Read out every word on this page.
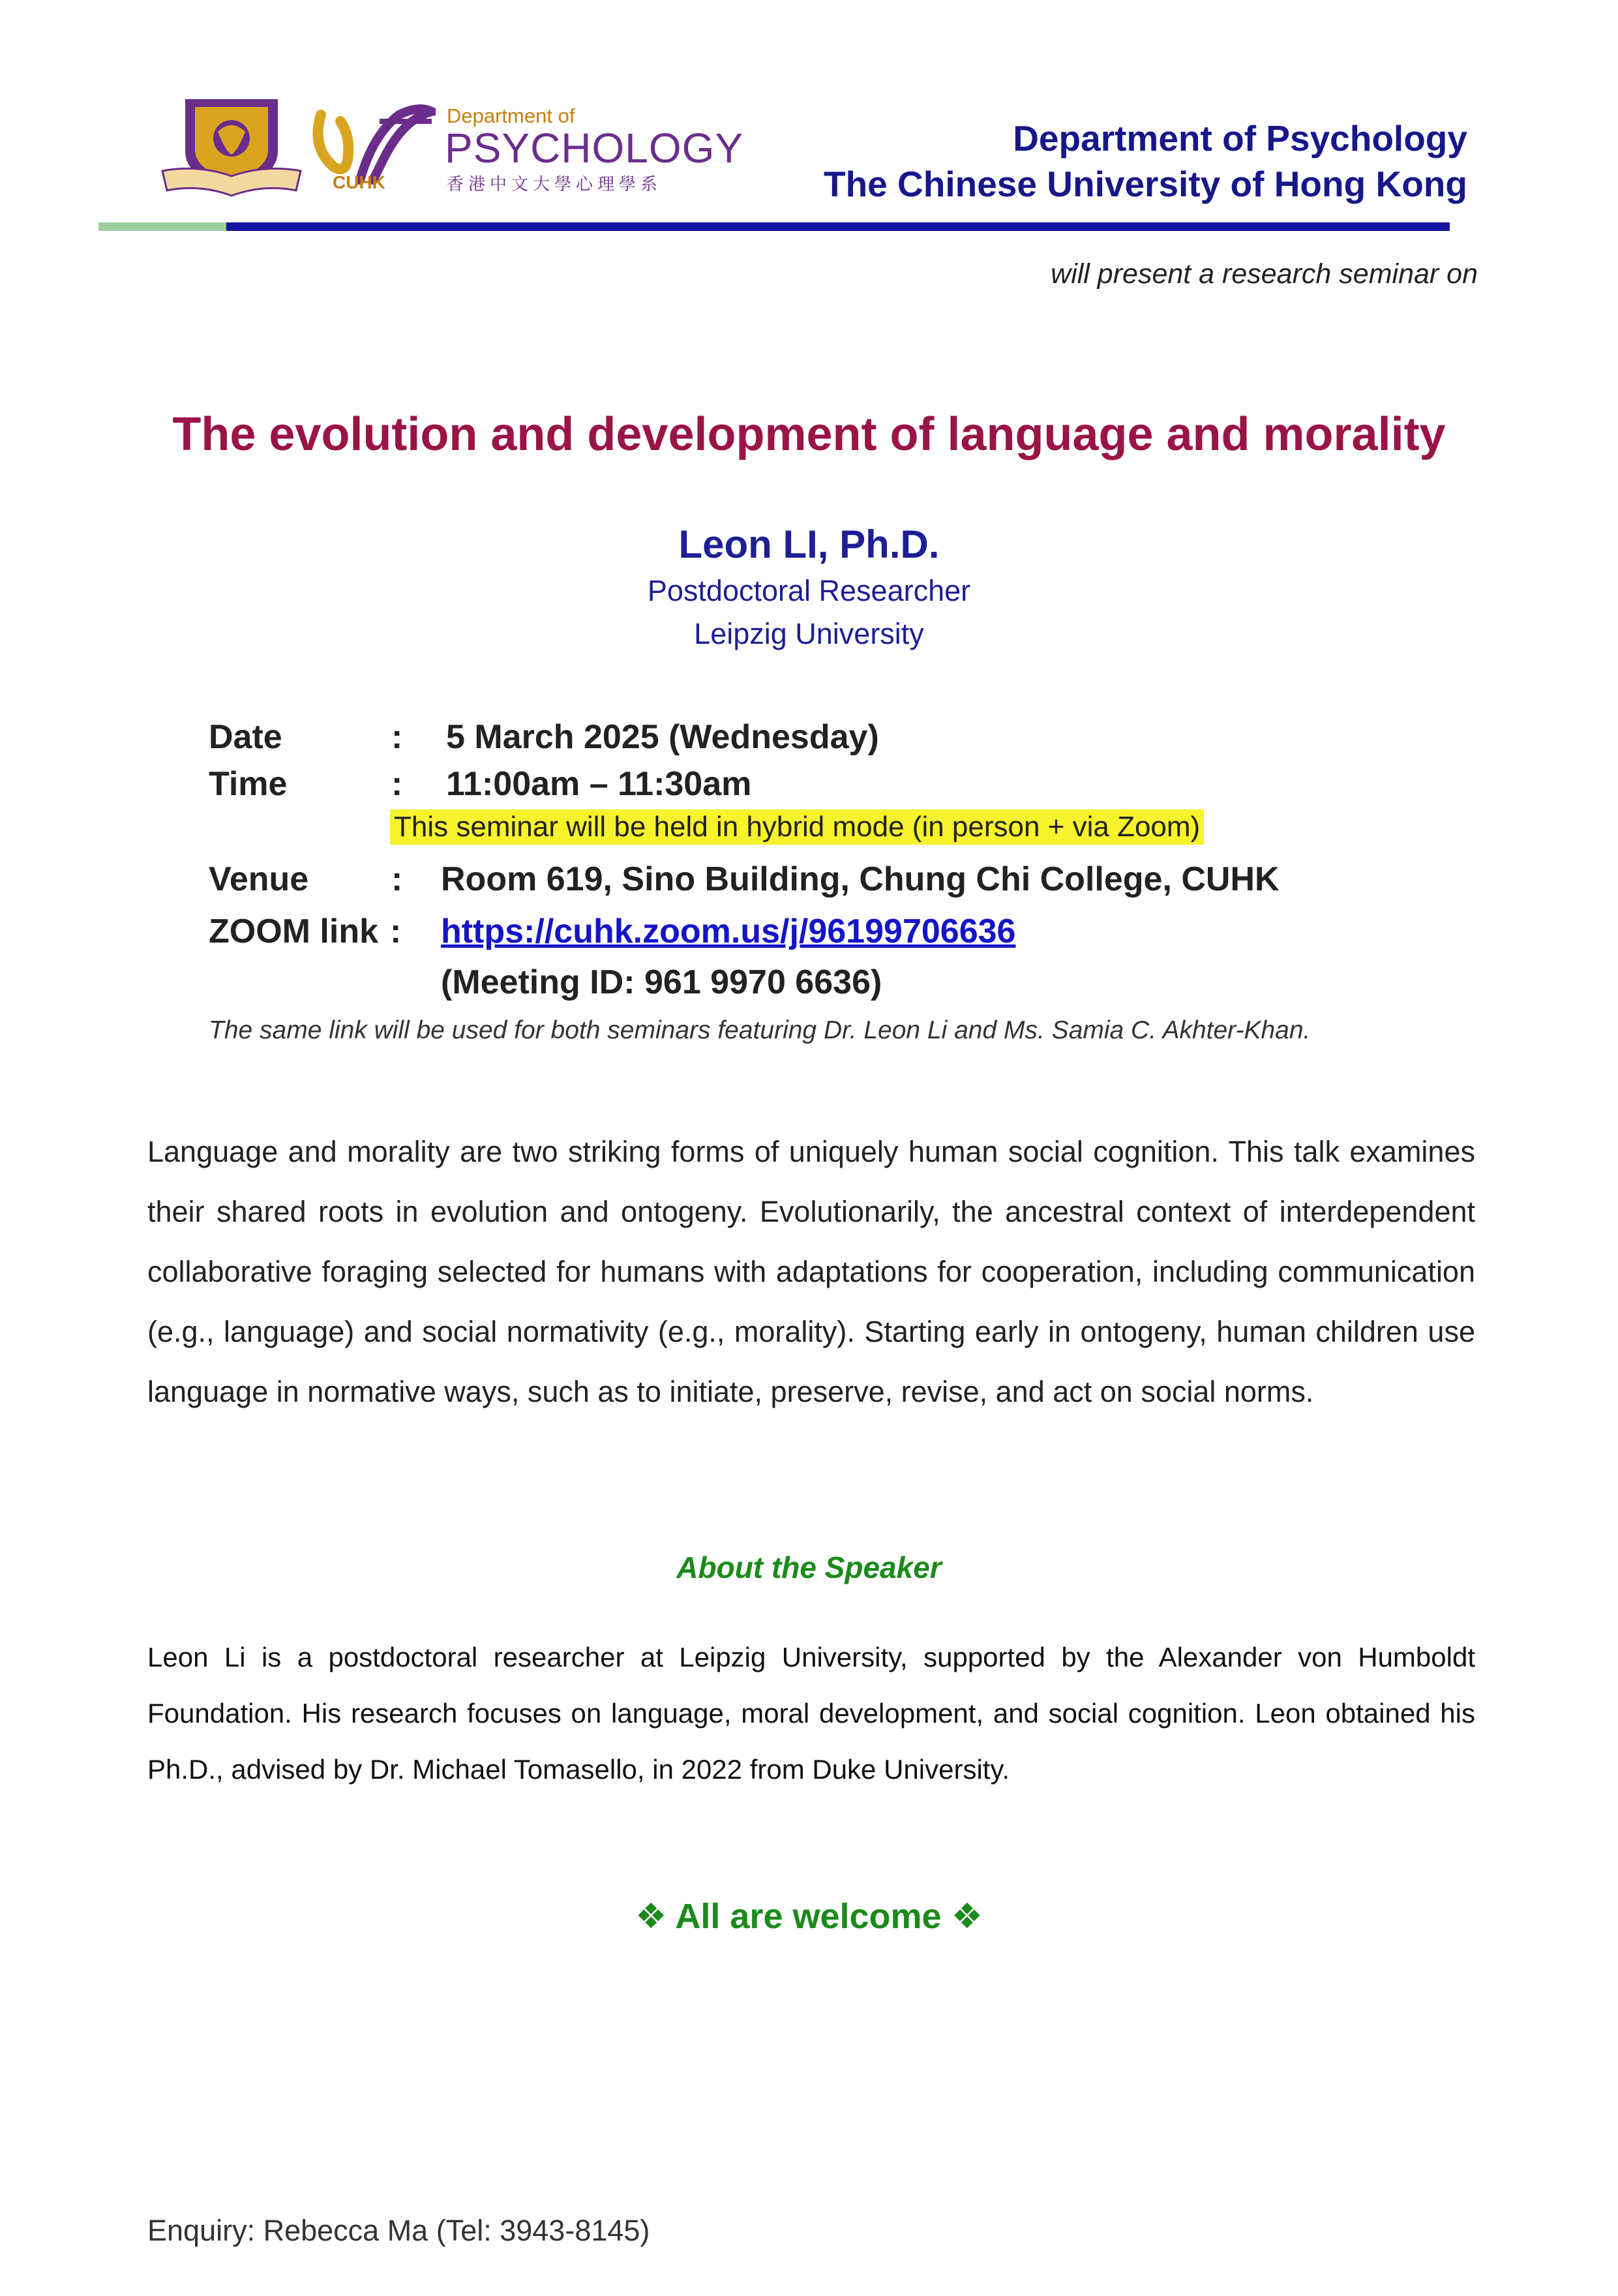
CUHK
Department of
PSYCHOLOGY
香港中文大學心理學系
Department of Psychology
The Chinese University of Hong Kong
will present a research seminar on
The evolution and development of language and morality
Leon LI, Ph.D.
Postdoctoral Researcher
Leipzig University
Date	: 5 March 2025 (Wednesday)
Time	: 11:00am – 11:30am
This seminar will be held in hybrid mode (in person + via Zoom)
Venue : Room 619, Sino Building, Chung Chi College, CUHK
ZOOM link : https://cuhk.zoom.us/j/96199706636
(Meeting ID: 961 9970 6636)
The same link will be used for both seminars featuring Dr. Leon Li and Ms. Samia C. Akhter-Khan.
Language and morality are two striking forms of uniquely human social cognition. This talk examines their shared roots in evolution and ontogeny. Evolutionarily, the ancestral context of interdependent collaborative foraging selected for humans with adaptations for cooperation, including communication (e.g., language) and social normativity (e.g., morality). Starting early in ontogeny, human children use language in normative ways, such as to initiate, preserve, revise, and act on social norms.
About the Speaker
Leon Li is a postdoctoral researcher at Leipzig University, supported by the Alexander von Humboldt Foundation. His research focuses on language, moral development, and social cognition. Leon obtained his Ph.D., advised by Dr. Michael Tomasello, in 2022 from Duke University.
❖ All are welcome ❖
Enquiry: Rebecca Ma (Tel: 3943-8145)
